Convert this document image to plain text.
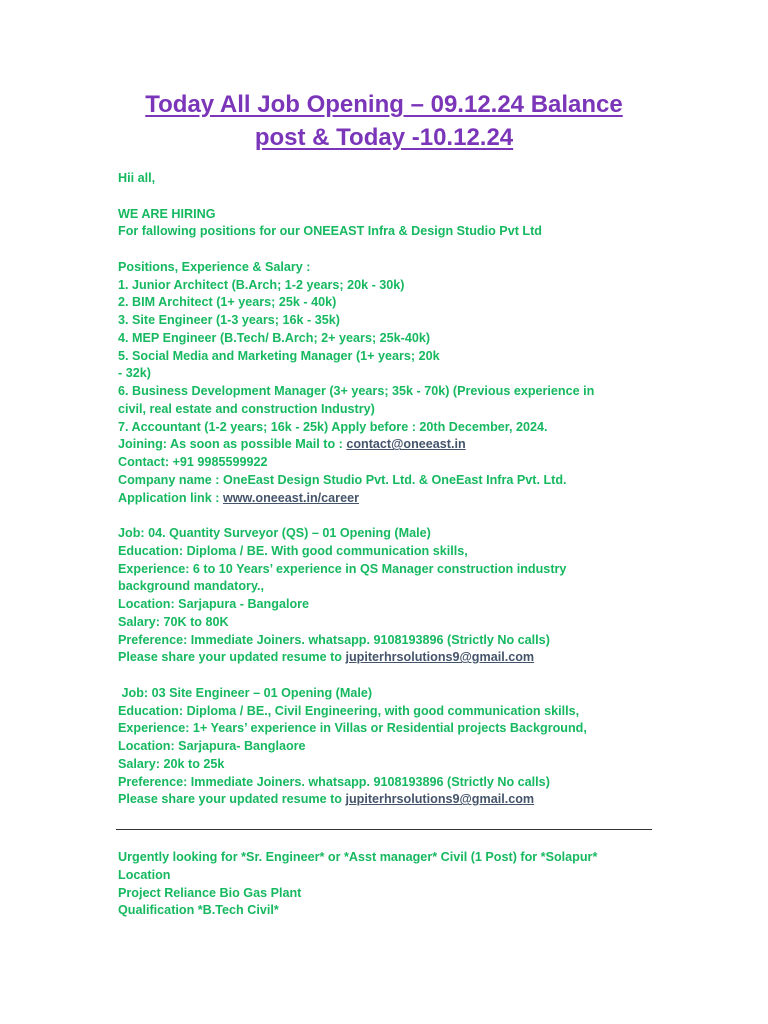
Today All Job Opening – 09.12.24 Balance
post & Today -10.12.24
Hii all,
WE ARE HIRING
For fallowing positions for our ONEEAST Infra & Design Studio Pvt Ltd
Positions, Experience & Salary :
1. Junior Architect (B.Arch; 1-2 years; 20k - 30k)
2. BIM Architect (1+ years; 25k - 40k)
3. Site Engineer (1-3 years; 16k - 35k)
4. MEP Engineer (B.Tech/ B.Arch; 2+ years; 25k-40k)
5. Social Media and Marketing Manager (1+ years; 20k
- 32k)
6. Business Development Manager (3+ years; 35k - 70k) (Previous experience in
civil, real estate and construction Industry)
7. Accountant (1-2 years; 16k - 25k) Apply before : 20th December, 2024.
Joining: As soon as possible Mail to : contact@oneeast.in
Contact: +91 9985599922
Company name : OneEast Design Studio Pvt. Ltd. & OneEast Infra Pvt. Ltd.
Application link : www.oneeast.in/career
Job: 04. Quantity Surveyor (QS) – 01 Opening (Male)
Education: Diploma / BE. With good communication skills,
Experience: 6 to 10 Years’ experience in QS Manager construction industry
background mandatory.,
Location: Sarjapura - Bangalore
Salary: 70K to 80K
Preference: Immediate Joiners. whatsapp. 9108193896 (Strictly No calls)
Please share your updated resume to jupiterhrsolutions9@gmail.com
Job: 03 Site Engineer – 01 Opening (Male)
Education: Diploma / BE., Civil Engineering, with good communication skills,
Experience: 1+ Years’ experience in Villas or Residential projects Background,
Location: Sarjapura- Banglaore
Salary: 20k to 25k
Preference: Immediate Joiners. whatsapp. 9108193896 (Strictly No calls)
Please share your updated resume to jupiterhrsolutions9@gmail.com
Urgently looking for *Sr. Engineer* or *Asst manager* Civil (1 Post) for *Solapur*
Location
Project Reliance Bio Gas Plant
Qualification *B.Tech Civil*
